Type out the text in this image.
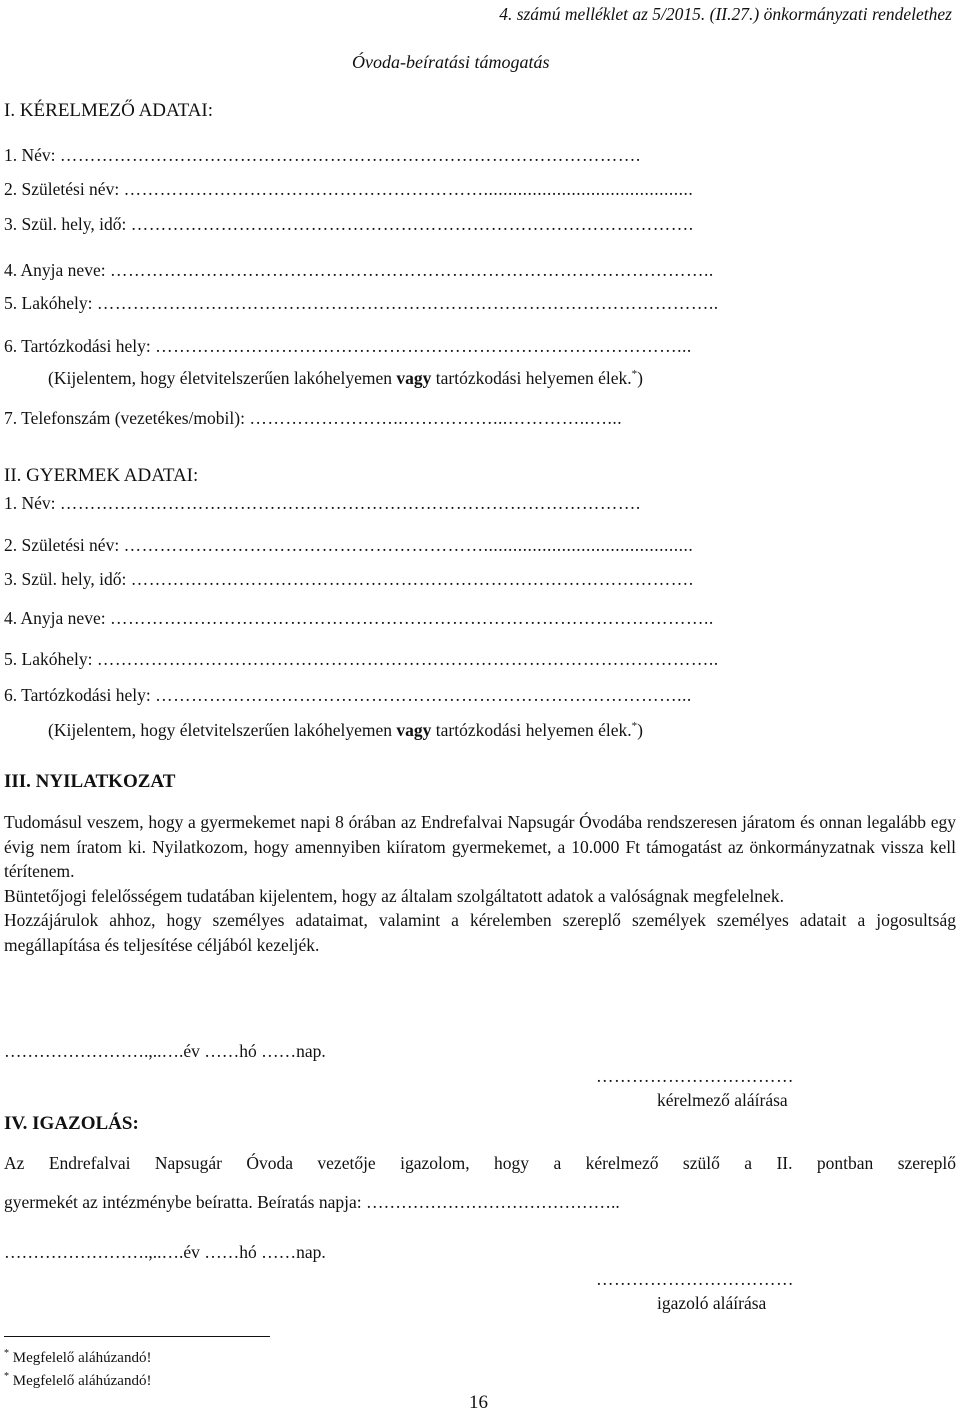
4. számú melléklet az 5/2015. (II.27.) önkormányzati rendelethez
Óvoda-beíratási támogatás
I. KÉRELMEZŐ ADATAI:
1. Név: …………………………………………………………………………………….
2. Születési név: ……………………………………………………...........................................
3. Szül. hely, idő: ………………………………………………………………………………….
4. Anyja neve: ………………………………………………………………………………………..
5. Lakóhely: …………………………………………………………………………………………..
6. Tartózkodási hely: ……………………………………………………………………………...
(Kijelentem, hogy életvitelszerűen lakóhelyemen vagy tartózkodási helyemen élek.*)
7. Telefonszám (vezetékes/mobil): ……………………..……………...…………..…...
II. GYERMEK ADATAI:
1. Név: …………………………………………………………………………………….
2. Születési név: ……………………………………………………...........................................
3. Szül. hely, idő: ………………………………………………………………………………….
4. Anyja neve: ………………………………………………………………………………………..
5. Lakóhely: …………………………………………………………………………………………..
6. Tartózkodási hely: ……………………………………………………………………………...
(Kijelentem, hogy életvitelszerűen lakóhelyemen vagy tartózkodási helyemen élek.*)
III. NYILATKOZAT

Tudomásul veszem, hogy a gyermekemet napi 8 órában az Endrefalvai Napsugár Óvodába rendszeresen járatom és onnan legalább egy évig nem íratom ki. Nyilatkozom, hogy amennyiben kiíratom gyermekemet, a 10.000 Ft támogatást az önkormányzatnak vissza kell térítenem.

Büntetőjogi felelősségem tudatában kijelentem, hogy az általam szolgáltatott adatok a valóságnak megfelelnek.

Hozzájárulok ahhoz, hogy személyes adataimat, valamint a kérelemben szereplő személyek személyes adatait a jogosultság megállapítása és teljesítése céljából kezeljék.

…………………….,..….év ……hó ……nap.
……………………………
kérelmező aláírása
IV. IGAZOLÁS:
Az Endrefalvai Napsugár Óvoda vezetője igazolom, hogy a kérelmező szülő a II. pontban szereplő
gyermekét az intézménybe beíratta. Beíratás napja: ……………………………………..
…………………….,..….év ……hó ……nap.
……………………………
igazoló aláírása
* Megfelelő aláhúzandó!
* Megfelelő aláhúzandó!
16
